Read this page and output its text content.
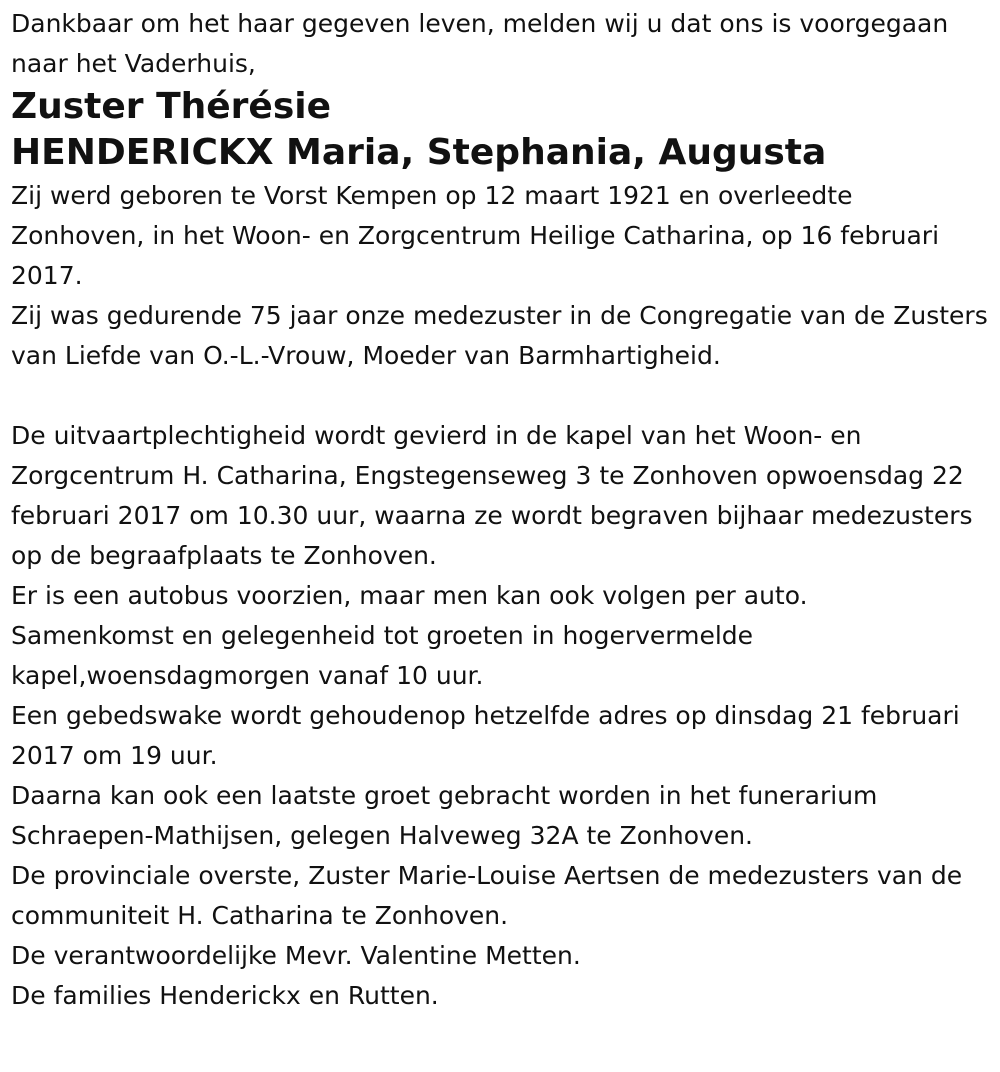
Dankbaar om het haar gegeven leven, melden wij u dat ons is voorgegaan

naar het Vaderhuis,

Zuster Thérésie
HENDERICKX Maria, Stephania, Augusta

Zij werd geboren te Vorst Kempen op 12 maart 1921 en overleedte Zonhoven, in het Woon- en Zorgcentrum Heilige Catharina, op 16 februari 2017.

Zij was gedurende 75 jaar onze medezuster in de Congregatie van de Zusters van Liefde van O.-L.-Vrouw, Moeder van Barmhartigheid.

De uitvaartplechtigheid wordt gevierd in de kapel van het Woon- en Zorgcentrum H. Catharina, Engstegenseweg 3 te Zonhoven opwoensdag 22 februari 2017 om 10.30 uur, waarna ze wordt begraven bijhaar medezusters op de begraafplaats te Zonhoven.

Er is een autobus voorzien, maar men kan ook volgen per auto.

Samenkomst en gelegenheid tot groeten in hogervermelde kapel,woensdagmorgen vanaf 10 uur.

Een gebedswake wordt gehoudenop hetzelfde adres op dinsdag 21 februari 2017 om 19 uur.

Daarna kan ook een laatste groet gebracht worden in het funerarium Schraepen-Mathijsen, gelegen Halveweg 32A te Zonhoven.

De provinciale overste, Zuster Marie-Louise Aertsen de medezusters van de communiteit H. Catharina te Zonhoven.

De verantwoordelijke Mevr. Valentine Metten.

De families Henderickx en Rutten.
